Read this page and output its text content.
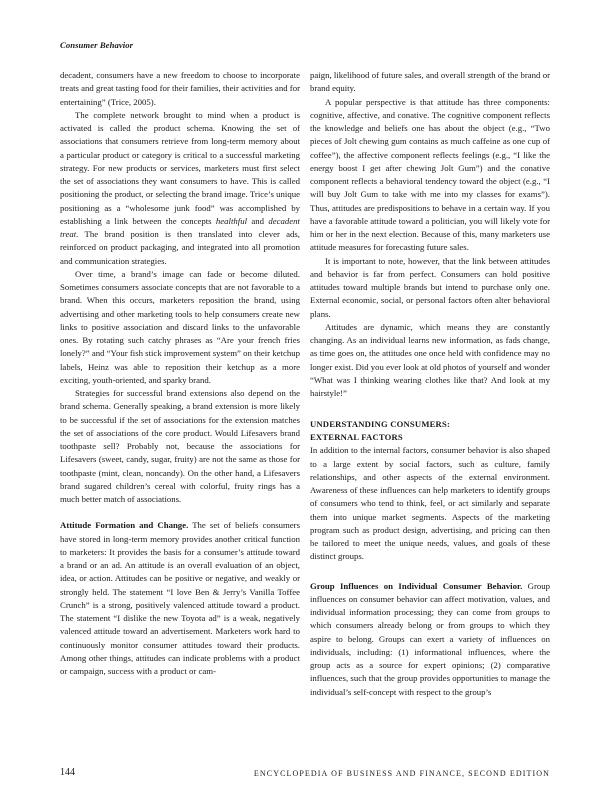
Consumer Behavior

decadent, consumers have a new freedom to choose to incorporate treats and great tasting food for their families, their activities and for entertaining” (Trice, 2005).

The complete network brought to mind when a product is activated is called the product schema. Knowing the set of associations that consumers retrieve from long-term memory about a particular product or category is critical to a successful marketing strategy. For new products or services, marketers must first select the set of associations they want consumers to have. This is called positioning the product, or selecting the brand image. Trice’s unique positioning as a “wholesome junk food” was accomplished by establishing a link between the concepts healthful and decadent treat. The brand position is then translated into clever ads, reinforced on product packaging, and integrated into all promotion and communication strategies.

Over time, a brand’s image can fade or become diluted. Sometimes consumers associate concepts that are not favorable to a brand. When this occurs, marketers reposition the brand, using advertising and other marketing tools to help consumers create new links to positive association and discard links to the unfavorable ones. By rotating such catchy phrases as “Are your french fries lonely?” and “Your fish stick improvement system” on their ketchup labels, Heinz was able to reposition their ketchup as a more exciting, youth-oriented, and sparky brand.

Strategies for successful brand extensions also depend on the brand schema. Generally speaking, a brand extension is more likely to be successful if the set of associations for the extension matches the set of associations of the core product. Would Lifesavers brand toothpaste sell? Probably not, because the associations for Lifesavers (sweet, candy, sugar, fruity) are not the same as those for toothpaste (mint, clean, noncandy). On the other hand, a Lifesavers brand sugared children’s cereal with colorful, fruity rings has a much better match of associations.

Attitude Formation and Change. The set of beliefs consumers have stored in long-term memory provides another critical function to marketers: It provides the basis for a consumer’s attitude toward a brand or an ad. An attitude is an overall evaluation of an object, idea, or action. Attitudes can be positive or negative, and weakly or strongly held. The statement “I love Ben & Jerry’s Vanilla Toffee Crunch” is a strong, positively valenced attitude toward a product. The statement “I dislike the new Toyota ad” is a weak, negatively valenced attitude toward an advertisement. Marketers work hard to continuously monitor consumer attitudes toward their products. Among other things, attitudes can indicate problems with a product or campaign, success with a product or cam-

paign, likelihood of future sales, and overall strength of the brand or brand equity.

A popular perspective is that attitude has three components: cognitive, affective, and conative. The cognitive component reflects the knowledge and beliefs one has about the object (e.g., “Two pieces of Jolt chewing gum contains as much caffeine as one cup of coffee”), the affective component reflects feelings (e.g., “I like the energy boost I get after chewing Jolt Gum”) and the conative component reflects a behavioral tendency toward the object (e.g., “I will buy Jolt Gum to take with me into my classes for exams”). Thus, attitudes are predispositions to behave in a certain way. If you have a favorable attitude toward a politician, you will likely vote for him or her in the next election. Because of this, many marketers use attitude measures for forecasting future sales.

It is important to note, however, that the link between attitudes and behavior is far from perfect. Consumers can hold positive attitudes toward multiple brands but intend to purchase only one. External economic, social, or personal factors often alter behavioral plans.

Attitudes are dynamic, which means they are constantly changing. As an individual learns new information, as fads change, as time goes on, the attitudes one once held with confidence may no longer exist. Did you ever look at old photos of yourself and wonder “What was I thinking wearing clothes like that? And look at my hairstyle!”

UNDERSTANDING CONSUMERS:
EXTERNAL FACTORS

In addition to the internal factors, consumer behavior is also shaped to a large extent by social factors, such as culture, family relationships, and other aspects of the external environment. Awareness of these influences can help marketers to identify groups of consumers who tend to think, feel, or act similarly and separate them into unique market segments. Aspects of the marketing program such as product design, advertising, and pricing can then be tailored to meet the unique needs, values, and goals of these distinct groups.

Group Influences on Individual Consumer Behavior. Group influences on consumer behavior can affect motivation, values, and individual information processing; they can come from groups to which consumers already belong or from groups to which they aspire to belong. Groups can exert a variety of influences on individuals, including: (1) informational influences, where the group acts as a source for expert opinions; (2) comparative influences, such that the group provides opportunities to manage the individual’s self-concept with respect to the group’s

144	ENCYCLOPEDIA OF BUSINESS AND FINANCE, SECOND EDITION
